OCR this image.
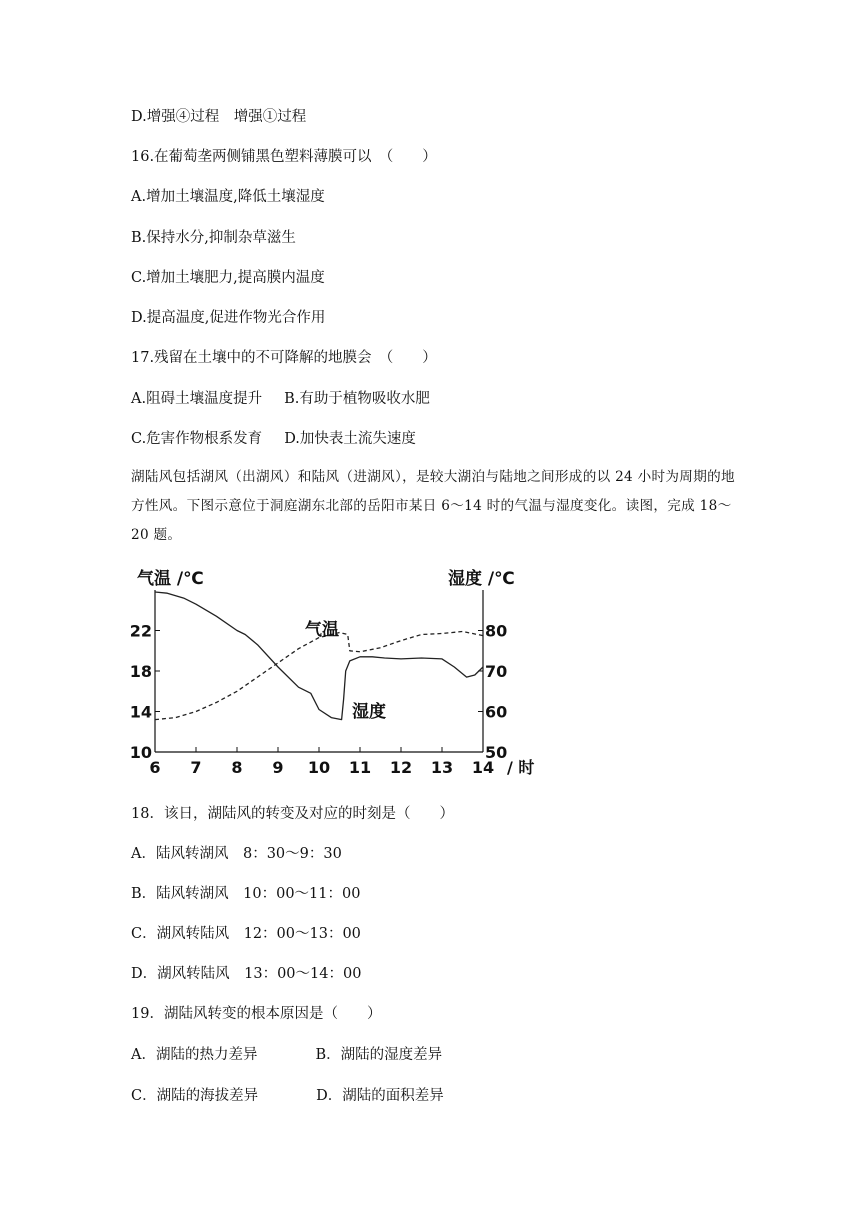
D.增强④过程　增强①过程
16.在葡萄垄两侧铺黑色塑料薄膜可以　（　　）
A.增加土壤温度,降低土壤湿度
B.保持水分,抑制杂草滋生
C.增加土壤肥力,提高膜内温度
D.提高温度,促进作物光合作用
17.残留在土壤中的不可降解的地膜会　（　　）
A.阻碍土壤温度提升 B.有助于植物吸收水肥
C.危害作物根系发育 D.加快表土流失速度
湖陆风包括湖风（出湖风）和陆风（进湖风），是较大湖泊与陆地之间形成的以 24 小时为周期的地方性风。下图示意位于洞庭湖东北部的岳阳市某日 6～14 时的气温与湿度变化。读图，完成 18～20 题。
气温 /℃	湿度 /℃
6 7 8 9 10 11 12 13 14
10
14
18
22
50
60
70
80
/ 时
气温
湿度
18．该日，湖陆风的转变及对应的时刻是（　　）
A．陆风转湖风　8：30～9：30
B．陆风转湖风　10：00～11：00
C．湖风转陆风　12：00～13：00
D．湖风转陆风　13：00～14：00
19．湖陆风转变的根本原因是（　　）
A．湖陆的热力差异	B．湖陆的湿度差异
C．湖陆的海拔差异	D．湖陆的面积差异
